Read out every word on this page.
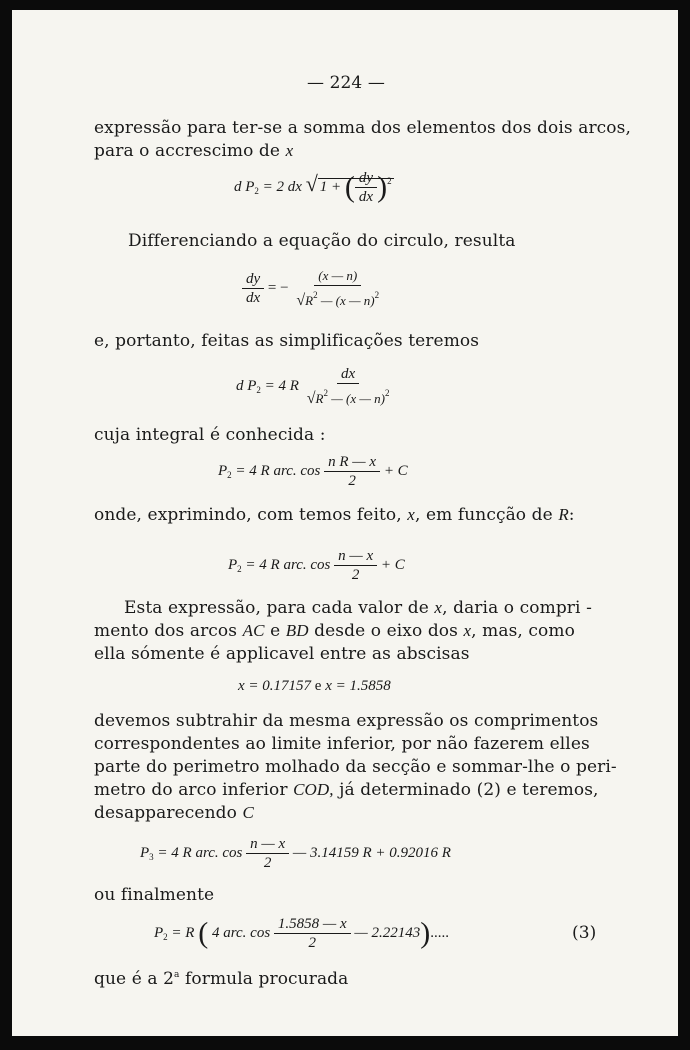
— 224 —
expressão para ter-se a somma dos elementos dos dois arcos,
para o accrescimo de x
d $P_2 = 2$ dx √ 1 + ( $\frac{dy}{dx} )^2$
Differenciando a equação do circulo, resulta
$\frac{dy}{dx}$ = − $\frac{(x — n)}{√R^2 — (x — n)^2}$
e, portanto, feitas as simplificações teremos
d $P_2 = 4$ R $\frac{dx}{√R^2 — (x — n)^2}$
cuja integral é conhecida :
$P_2 = 4$ R arc. $\cos \frac{\text{n R — x}}{2} + C$
onde, exprimindo, com temos feito, x, em funcção de R:
$P_2 = 4$ R arc. $\cos \frac{n — x}{2} + C$
Esta expressão, para cada valor de x, daria o compri -
mento dos arcos AC e BD desde o eixo dos x, mas, como
ella sómente é applicavel entre as abscisas
x = 0.17157 e x = 1.5858
devemos subtrahir da mesma expressão os comprimentos
correspondentes ao limite inferior, por não fazerem elles
parte do perimetro molhado da secção e sommar-lhe o peri-
metro do arco inferior COD, já determinado (2) e teremos,
desapparecendo C
$P_3 = 4$ R arc. $\cos \frac{n — x}{2}$ — 3.14159 R + 0.92016 R
ou finalmente
$P_2 = R$ ( 4 arc. $\cos \frac{1.5858 — x}{2}$ — 2.22143).....	(3)
que é a 2$^a$ formula procurada
